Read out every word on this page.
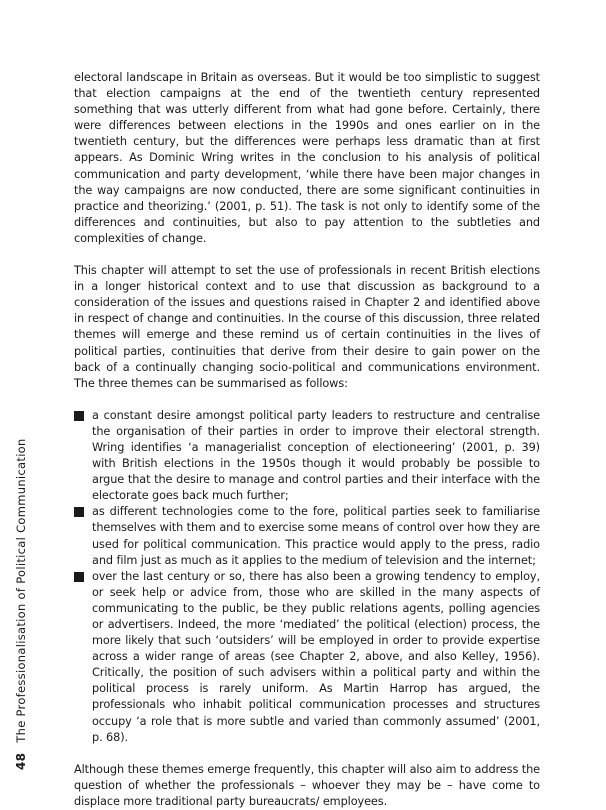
electoral landscape in Britain as overseas. But it would be too simplistic to suggest that election campaigns at the end of the twentieth century represented something that was utterly different from what had gone before. Certainly, there were differences between elections in the 1990s and ones earlier on in the twentieth century, but the differences were perhaps less dramatic than at first appears. As Dominic Wring writes in the conclusion to his analysis of political communication and party development, ‘while there have been major changes in the way campaigns are now conducted, there are some significant continuities in practice and theorizing.’ (2001, p. 51). The task is not only to identify some of the differences and continuities, but also to pay attention to the subtleties and complexities of change.

This chapter will attempt to set the use of professionals in recent British elections in a longer historical context and to use that discussion as background to a consideration of the issues and questions raised in Chapter 2 and identified above in respect of change and continuities. In the course of this discussion, three related themes will emerge and these remind us of certain continuities in the lives of political parties, continuities that derive from their desire to gain power on the back of a continually changing socio-political and communications environment. The three themes can be summarised as follows:

a constant desire amongst political party leaders to restructure and centralise the organisation of their parties in order to improve their electoral strength. Wring identifies ‘a managerialist conception of electioneering’ (2001, p. 39) with British elections in the 1950s though it would probably be possible to argue that the desire to manage and control parties and their interface with the electorate goes back much further;
as different technologies come to the fore, political parties seek to familiarise themselves with them and to exercise some means of control over how they are used for political communication. This practice would apply to the press, radio and film just as much as it applies to the medium of television and the internet;
over the last century or so, there has also been a growing tendency to employ, or seek help or advice from, those who are skilled in the many aspects of communicating to the public, be they public relations agents, polling agencies or advertisers. Indeed, the more ‘mediated’ the political (election) process, the more likely that such ‘outsiders’ will be employed in order to provide expertise across a wider range of areas (see Chapter 2, above, and also Kelley, 1956). Critically, the position of such advisers within a political party and within the political process is rarely uniform. As Martin Harrop has argued, the professionals who inhabit political communication processes and structures occupy ‘a role that is more subtle and varied than commonly assumed’ (2001, p. 68).

Although these themes emerge frequently, this chapter will also aim to address the question of whether the professionals – whoever they may be – have come to displace more traditional party bureaucrats/ employees.

48 The Professionalisation of Political Communication
